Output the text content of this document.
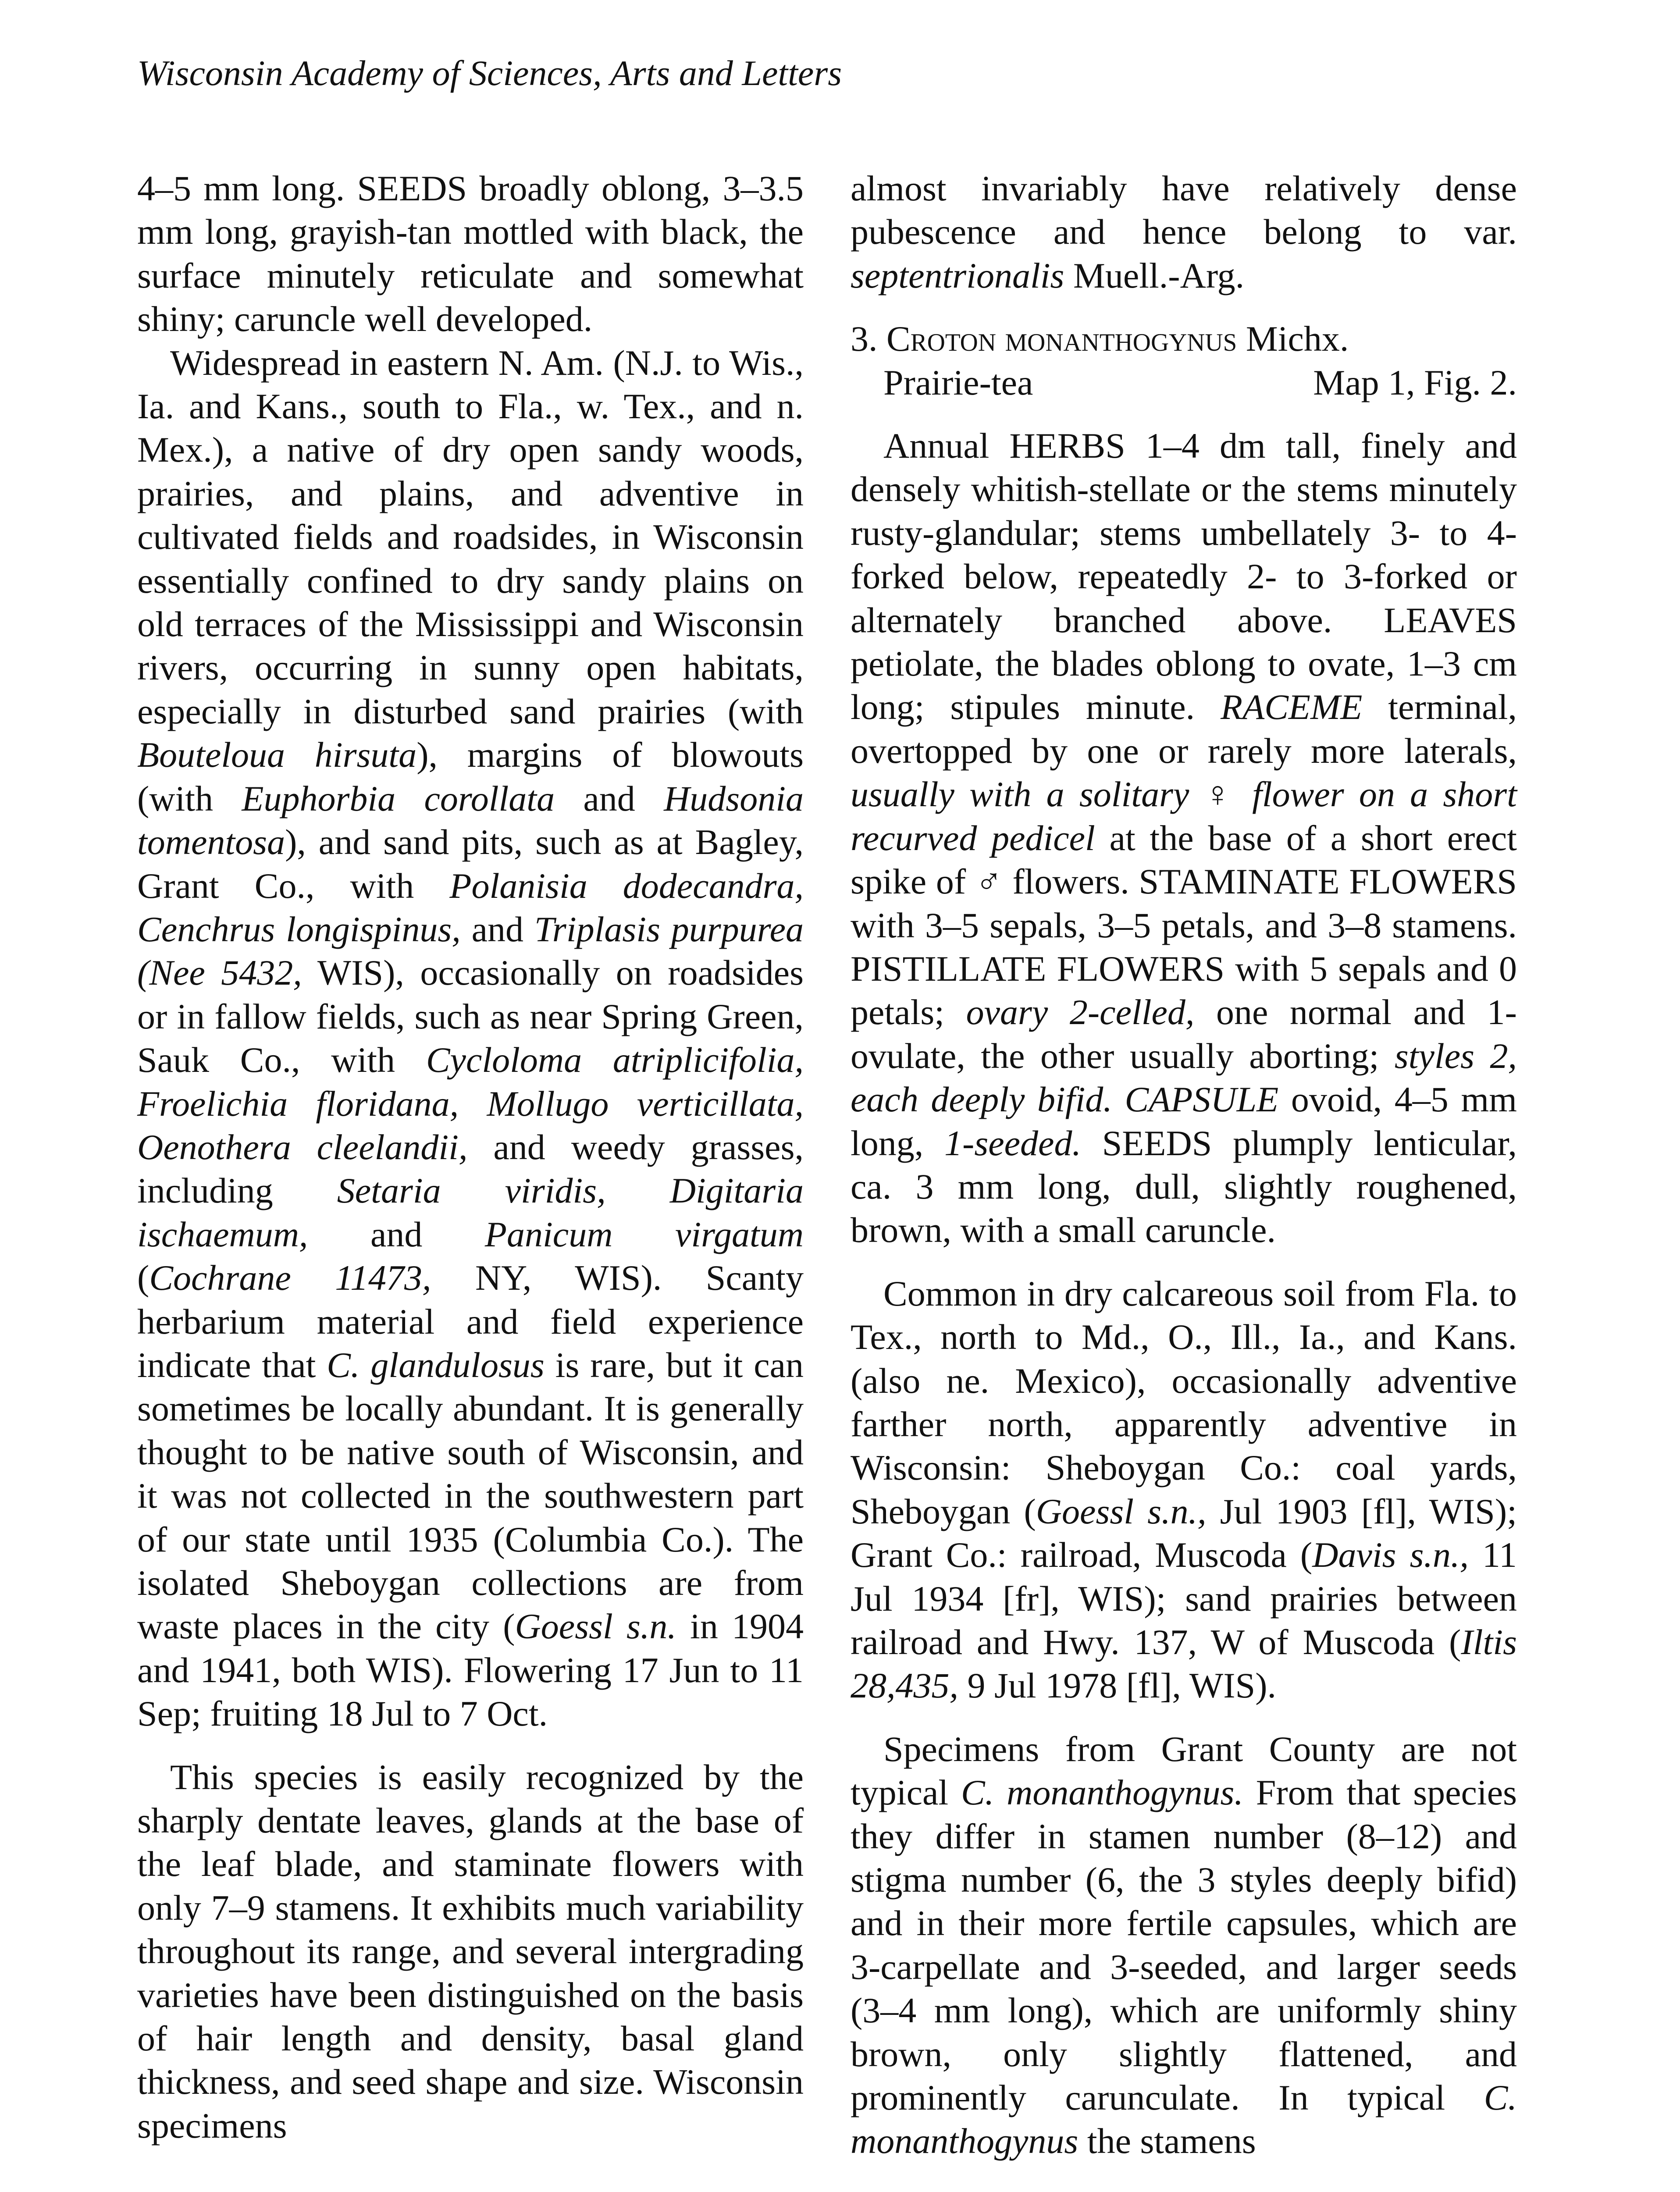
Wisconsin Academy of Sciences, Arts and Letters

4–5 mm long. SEEDS broadly oblong, 3–3.5 mm long, grayish-tan mottled with black, the surface minutely reticulate and somewhat shiny; caruncle well developed.

Widespread in eastern N. Am. (N.J. to Wis., Ia. and Kans., south to Fla., w. Tex., and n. Mex.), a native of dry open sandy woods, prairies, and plains, and adventive in cultivated fields and roadsides, in Wisconsin essentially confined to dry sandy plains on old terraces of the Mississippi and Wisconsin rivers, occurring in sunny open habitats, especially in disturbed sand prairies (with Bouteloua hirsuta), margins of blowouts (with Euphorbia corollata and Hudsonia tomentosa), and sand pits, such as at Bagley, Grant Co., with Polanisia dodecandra, Cenchrus longispinus, and Triplasis purpurea (Nee 5432, WIS), occasionally on roadsides or in fallow fields, such as near Spring Green, Sauk Co., with Cycloloma atriplicifolia, Froelichia floridana, Mollugo verticillata, Oenothera cleelandii, and weedy grasses, including Setaria viridis, Digitaria ischaemum, and Panicum virgatum (Cochrane 11473, NY, WIS). Scanty herbarium material and field experience indicate that C. glandulosus is rare, but it can sometimes be locally abundant. It is generally thought to be native south of Wisconsin, and it was not collected in the southwestern part of our state until 1935 (Columbia Co.). The isolated Sheboygan collections are from waste places in the city (Goessl s.n. in 1904 and 1941, both WIS). Flowering 17 Jun to 11 Sep; fruiting 18 Jul to 7 Oct.

This species is easily recognized by the sharply dentate leaves, glands at the base of the leaf blade, and staminate flowers with only 7–9 stamens. It exhibits much variability throughout its range, and several intergrading varieties have been distinguished on the basis of hair length and density, basal gland thickness, and seed shape and size. Wisconsin specimens

almost invariably have relatively dense pubescence and hence belong to var. septentrionalis Muell.-Arg.

3. Croton monanthogynus Michx.

Prairie-tea	Map 1, Fig. 2.

Annual HERBS 1–4 dm tall, finely and densely whitish-stellate or the stems minutely rusty-glandular; stems umbellately 3- to 4-forked below, repeatedly 2- to 3-forked or alternately branched above. LEAVES petiolate, the blades oblong to ovate, 1–3 cm long; stipules minute. RACEME terminal, overtopped by one or rarely more laterals, usually with a solitary ♀ flower on a short recurved pedicel at the base of a short erect spike of ♂ flowers. STAMINATE FLOWERS with 3–5 sepals, 3–5 petals, and 3–8 stamens. PISTILLATE FLOWERS with 5 sepals and 0 petals; ovary 2-celled, one normal and 1-ovulate, the other usually aborting; styles 2, each deeply bifid. CAPSULE ovoid, 4–5 mm long, 1-seeded. SEEDS plumply lenticular, ca. 3 mm long, dull, slightly roughened, brown, with a small caruncle.

Common in dry calcareous soil from Fla. to Tex., north to Md., O., Ill., Ia., and Kans. (also ne. Mexico), occasionally adventive farther north, apparently adventive in Wisconsin: Sheboygan Co.: coal yards, Sheboygan (Goessl s.n., Jul 1903 [fl], WIS); Grant Co.: railroad, Muscoda (Davis s.n., 11 Jul 1934 [fr], WIS); sand prairies between railroad and Hwy. 137, W of Muscoda (Iltis 28,435, 9 Jul 1978 [fl], WIS).

Specimens from Grant County are not typical C. monanthogynus. From that species they differ in stamen number (8–12) and stigma number (6, the 3 styles deeply bifid) and in their more fertile capsules, which are 3-carpellate and 3-seeded, and larger seeds (3–4 mm long), which are uniformly shiny brown, only slightly flattened, and prominently carunculate. In typical C. monanthogynus the stamens
